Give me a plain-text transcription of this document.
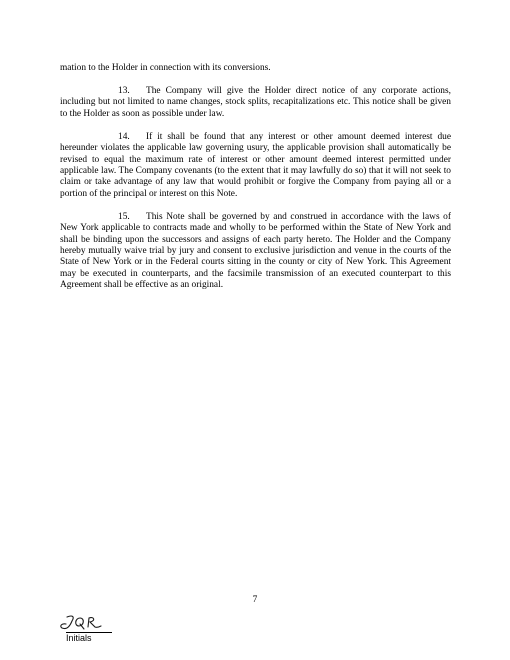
mation to the Holder in connection with its conversions.

13. The Company will give the Holder direct notice of any corporate actions, including but not limited to name changes, stock splits, recapitalizations etc. This notice shall be given to the Holder as soon as possible under law.

14. If it shall be found that any interest or other amount deemed interest due hereunder violates the applicable law governing usury, the applicable provision shall automatically be revised to equal the maximum rate of interest or other amount deemed interest permitted under applicable law. The Company covenants (to the extent that it may lawfully do so) that it will not seek to claim or take advantage of any law that would prohibit or forgive the Company from paying all or a portion of the principal or interest on this Note.

15. This Note shall be governed by and construed in accordance with the laws of New York applicable to contracts made and wholly to be performed within the State of New York and shall be binding upon the successors and assigns of each party hereto. The Holder and the Company hereby mutually waive trial by jury and consent to exclusive jurisdiction and venue in the courts of the State of New York or in the Federal courts sitting in the county or city of New York. This Agreement may be executed in counterparts, and the facsimile transmission of an executed counterpart to this Agreement shall be effective as an original.

7
Initials
